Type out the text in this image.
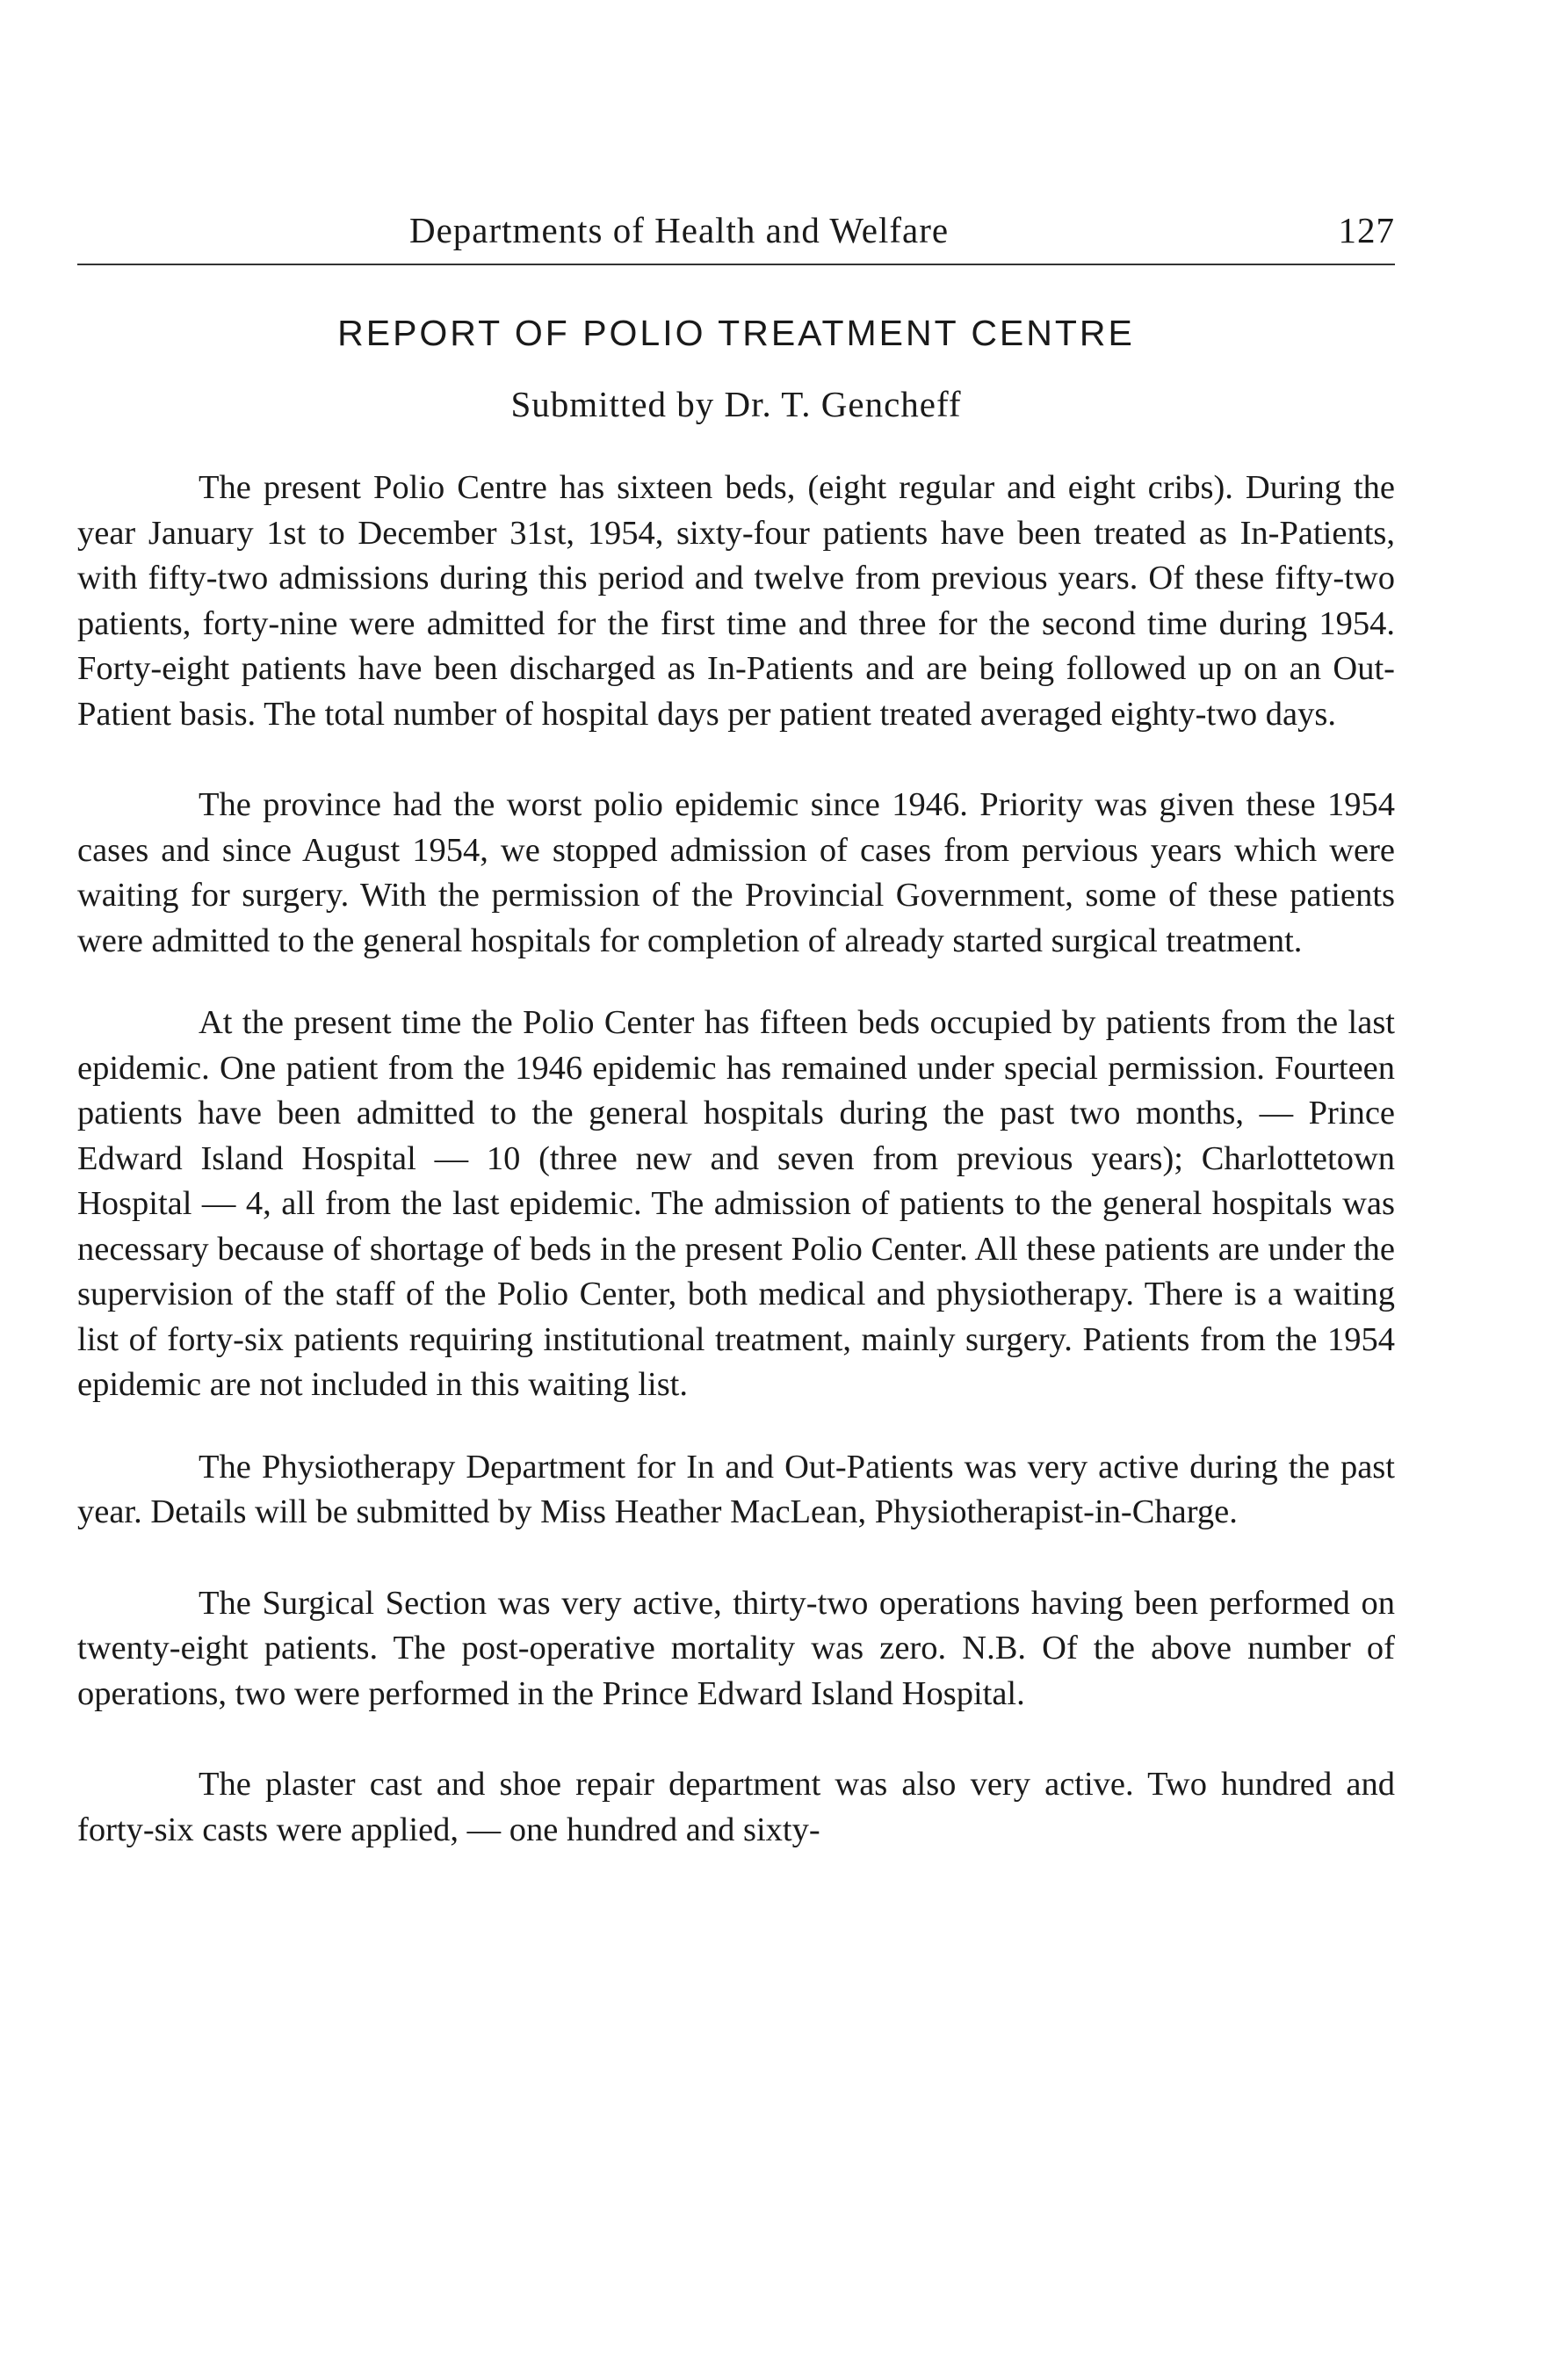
Departments of Health and Welfare	127
REPORT OF POLIO TREATMENT CENTRE
Submitted by Dr. T. Gencheff

The present Polio Centre has sixteen beds, (eight regular and eight cribs). During the year January 1st to December 31st, 1954, sixty-four patients have been treated as In-Patients, with fifty-two admissions during this period and twelve from previous years. Of these fifty-two patients, forty-nine were admitted for the first time and three for the second time during 1954. Forty-eight patients have been discharged as In-Patients and are being followed up on an Out-Patient basis. The total number of hospital days per patient treated averaged eighty-two days.

The province had the worst polio epidemic since 1946. Priority was given these 1954 cases and since August 1954, we stopped admission of cases from pervious years which were waiting for surgery. With the permission of the Provincial Government, some of these patients were admitted to the general hospitals for completion of already started surgical treatment.

At the present time the Polio Center has fifteen beds occupied by patients from the last epidemic. One patient from the 1946 epidemic has remained under special permission. Fourteen patients have been admitted to the general hospitals during the past two months, — Prince Edward Island Hospital — 10 (three new and seven from previous years); Charlottetown Hospital — 4, all from the last epidemic. The admission of patients to the general hospitals was necessary because of shortage of beds in the present Polio Center. All these patients are under the supervision of the staff of the Polio Center, both medical and physiotherapy. There is a waiting list of forty-six patients requiring institutional treatment, mainly surgery. Patients from the 1954 epidemic are not included in this waiting list.

The Physiotherapy Department for In and Out-Patients was very active during the past year. Details will be submitted by Miss Heather MacLean, Physiotherapist-in-Charge.

The Surgical Section was very active, thirty-two operations having been performed on twenty-eight patients. The post-operative mortality was zero. N.B. Of the above number of operations, two were performed in the Prince Edward Island Hospital.

The plaster cast and shoe repair department was also very active. Two hundred and forty-six casts were applied, — one hundred and sixty-
